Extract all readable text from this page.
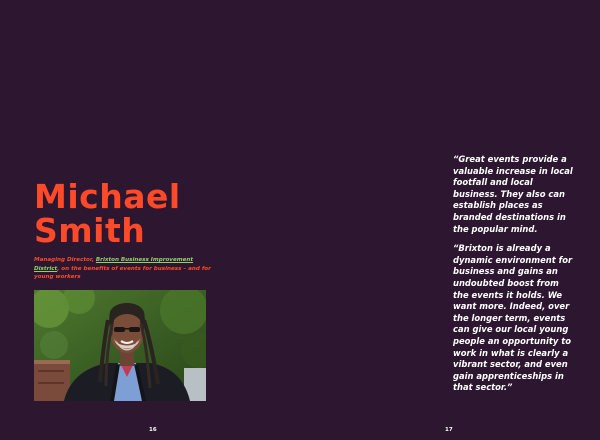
Michael
Smith

Managing Director, Brixton Business Improvement District, on the benefits of events for business – and for young workers

“Great events provide a valuable increase in local footfall and local business. They also can establish places as branded destinations in the popular mind.

“Brixton is already a dynamic environment for business and gains an undoubted boost from the events it holds. We want more. Indeed, over the longer term, events can give our local young people an opportunity to work in what is clearly a vibrant sector, and even gain apprenticeships in that sector.”

16	17
